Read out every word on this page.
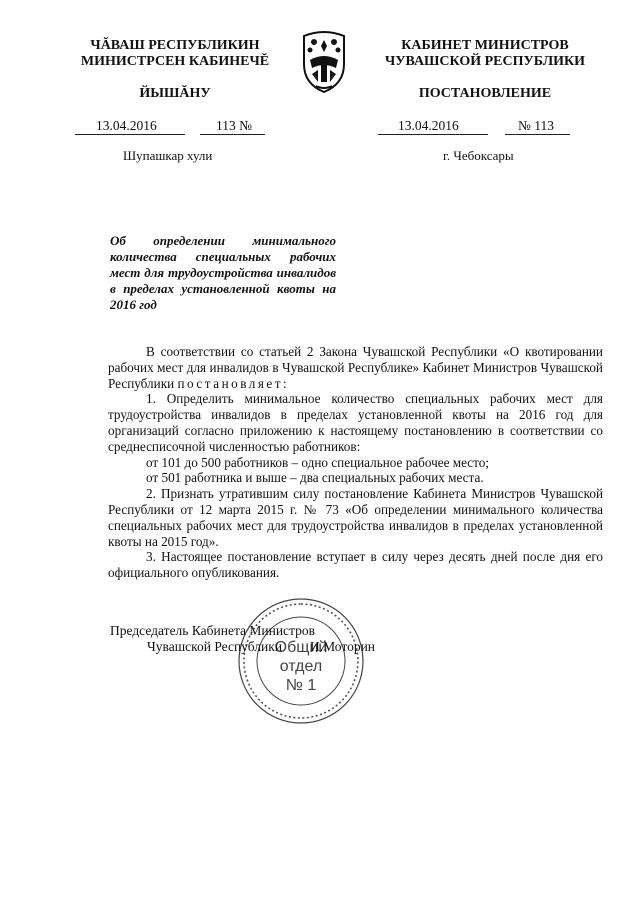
ЧĂВАШ РЕСПУБЛИКИН
МИНИСТРСЕН КАБИНЕЧĔ
ЙЫШĂНУ
КАБИНЕТ МИНИСТРОВ
ЧУВАШСКОЙ РЕСПУБЛИКИ
ПОСТАНОВЛЕНИЕ
13.04.2016	113 №	13.04.2016	№ 113
Шупашкар хули	г. Чебоксары
Об определении минимального количества специальных рабочих мест для трудоустройства инвалидов в пределах установленной квоты на 2016 год

В соответствии со статьей 2 Закона Чувашской Республики «О квотировании рабочих мест для инвалидов в Чувашской Республике» Кабинет Министров Чувашской Республики постановляет:

1. Определить минимальное количество специальных рабочих мест для трудоустройства инвалидов в пределах установленной квоты на 2016 год для организаций согласно приложению к настоящему постановлению в соответствии со среднесписочной численностью работников:

от 101 до 500 работников – одно специальное рабочее место;

от 501 работника и выше – два специальных рабочих места.

2. Признать утратившим силу постановление Кабинета Министров Чувашской Республики от 12 марта 2015 г. № 73 «Об определении минимального количества специальных рабочих мест для трудоустройства инвалидов в пределах установленной квоты на 2015 год».

3. Настоящее постановление вступает в силу через десять дней после дня его официального опубликования.

Общий
отдел
№ 1
Председатель Кабинета Министров
Чувашской Республики И.Моторин
